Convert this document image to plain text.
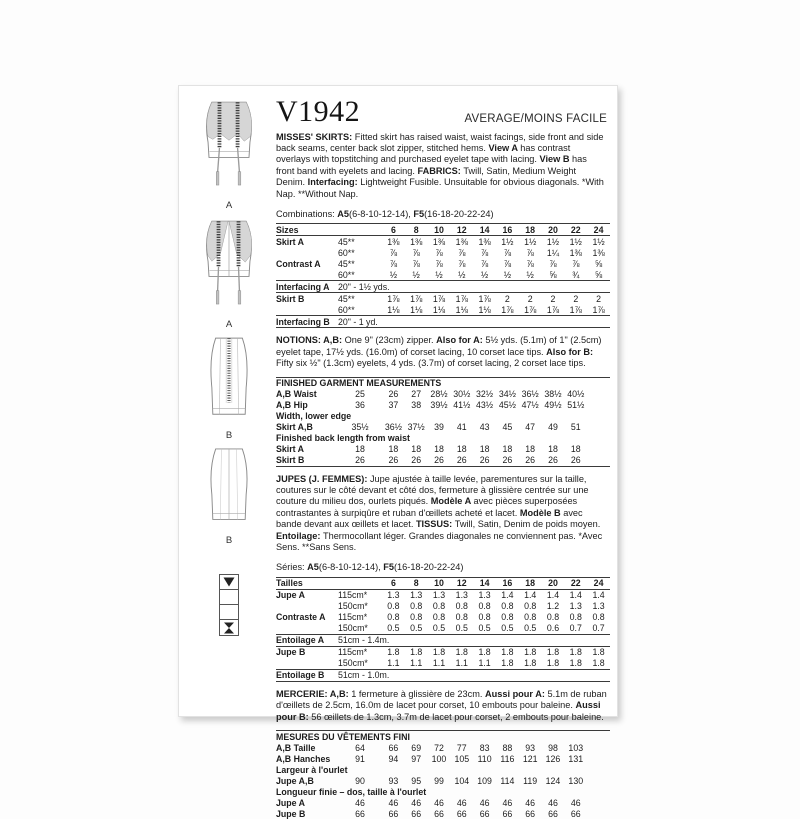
A
A
B
B
V1942	AVERAGE/MOINS FACILE

MISSES' SKIRTS: Fitted skirt has raised waist, waist facings, side front and side back seams, center back slot zipper, stitched hems. View A has contrast overlays with topstitching and purchased eyelet tape with lacing. View B has front band with eyelets and lacing. FABRICS: Twill, Satin, Medium Weight Denim. Interfacing: Lightweight Fusible. Unsuitable for obvious diagonals. *With Nap. **Without Nap.

Combinations: A5(6-8-10-12-14), F5(16-18-20-22-24)

Sizes		6	8	10	12	14	16	18	20	22	24
Skirt A	45**	1⅜	1⅜	1⅜	1⅜	1⅜	1½	1½	1½	1½	1½
	60**	⅞	⅞	⅞	⅞	⅞	⅞	⅞	1¼	1⅜	1⅜
Contrast A	45**	⅞	⅞	⅞	⅞	⅞	⅞	⅞	⅞	⅞	⅝
	60**	½	½	½	½	½	½	½	⅝	¾	⅝
Interfacing A	20" - 1½ yds.										
Skirt B	45**	1⅞	1⅞	1⅞	1⅞	1⅞	2	2	2	2	2
	60**	1⅛	1⅛	1⅛	1⅛	1⅛	1⅞	1⅞	1⅞	1⅞	1⅞
Interfacing B	20" - 1 yd.										

NOTIONS: A,B: One 9" (23cm) zipper. Also for A: 5½ yds. (5.1m) of 1" (2.5cm) eyelet tape, 17½ yds. (16.0m) of corset lacing, 10 corset lace tips. Also for B: Fifty six ½" (1.3cm) eyelets, 4 yds. (3.7m) of corset lacing, 2 corset lace tips.

FINISHED GARMENT MEASUREMENTS											
A,B Waist	25	26	27	28½	30½	32½	34½	36½	38½	40½	
A,B Hip	36	37	38	39½	41½	43½	45½	47½	49½	51½	
Width, lower edge											
Skirt A,B	35½	36½	37½	39	41	43	45	47	49	51	
Finished back length from waist											
Skirt A	18	18	18	18	18	18	18	18	18	18	
Skirt B	26	26	26	26	26	26	26	26	26	26	

JUPES (J. FEMMES): Jupe ajustée à taille levée, parementures sur la taille, coutures sur le côté devant et côté dos, fermeture à glissière centrée sur une couture du milieu dos, ourlets piqués. Modèle A avec pièces superposées contrastantes à surpiqûre et ruban d'œillets acheté et lacet. Modèle B avec bande devant aux œillets et lacet. TISSUS: Twill, Satin, Denim de poids moyen. Entoilage: Thermocollant léger. Grandes diagonales ne conviennent pas. *Avec Sens. **Sans Sens.

Séries: A5(6-8-10-12-14), F5(16-18-20-22-24)

Tailles		6	8	10	12	14	16	18	20	22	24
Jupe A	115cm*	1.3	1.3	1.3	1.3	1.3	1.4	1.4	1.4	1.4	1.4
	150cm*	0.8	0.8	0.8	0.8	0.8	0.8	0.8	1.2	1.3	1.3
Contraste A	115cm*	0.8	0.8	0.8	0.8	0.8	0.8	0.8	0.8	0.8	0.8
	150cm*	0.5	0.5	0.5	0.5	0.5	0.5	0.5	0.6	0.7	0.7
Entoilage A	51cm - 1.4m.										
Jupe B	115cm*	1.8	1.8	1.8	1.8	1.8	1.8	1.8	1.8	1.8	1.8
	150cm*	1.1	1.1	1.1	1.1	1.1	1.8	1.8	1.8	1.8	1.8
Entoilage B	51cm - 1.0m.										

MERCERIE: A,B: 1 fermeture à glissière de 23cm. Aussi pour A: 5.1m de ruban d'œillets de 2.5cm, 16.0m de lacet pour corset, 10 embouts pour baleine. Aussi pour B: 56 œillets de 1.3cm, 3.7m de lacet pour corset, 2 embouts pour baleine.

MESURES DU VÊTEMENTS FINI											
A,B Taille	64	66	69	72	77	83	88	93	98	103	
A,B Hanches	91	94	97	100	105	110	116	121	126	131	
Largeur à l'ourlet											
Jupe A,B	90	93	95	99	104	109	114	119	124	130	
Longueur finie – dos, taille à l'ourlet											
Jupe A	46	46	46	46	46	46	46	46	46	46	
Jupe B	66	66	66	66	66	66	66	66	66	66	
